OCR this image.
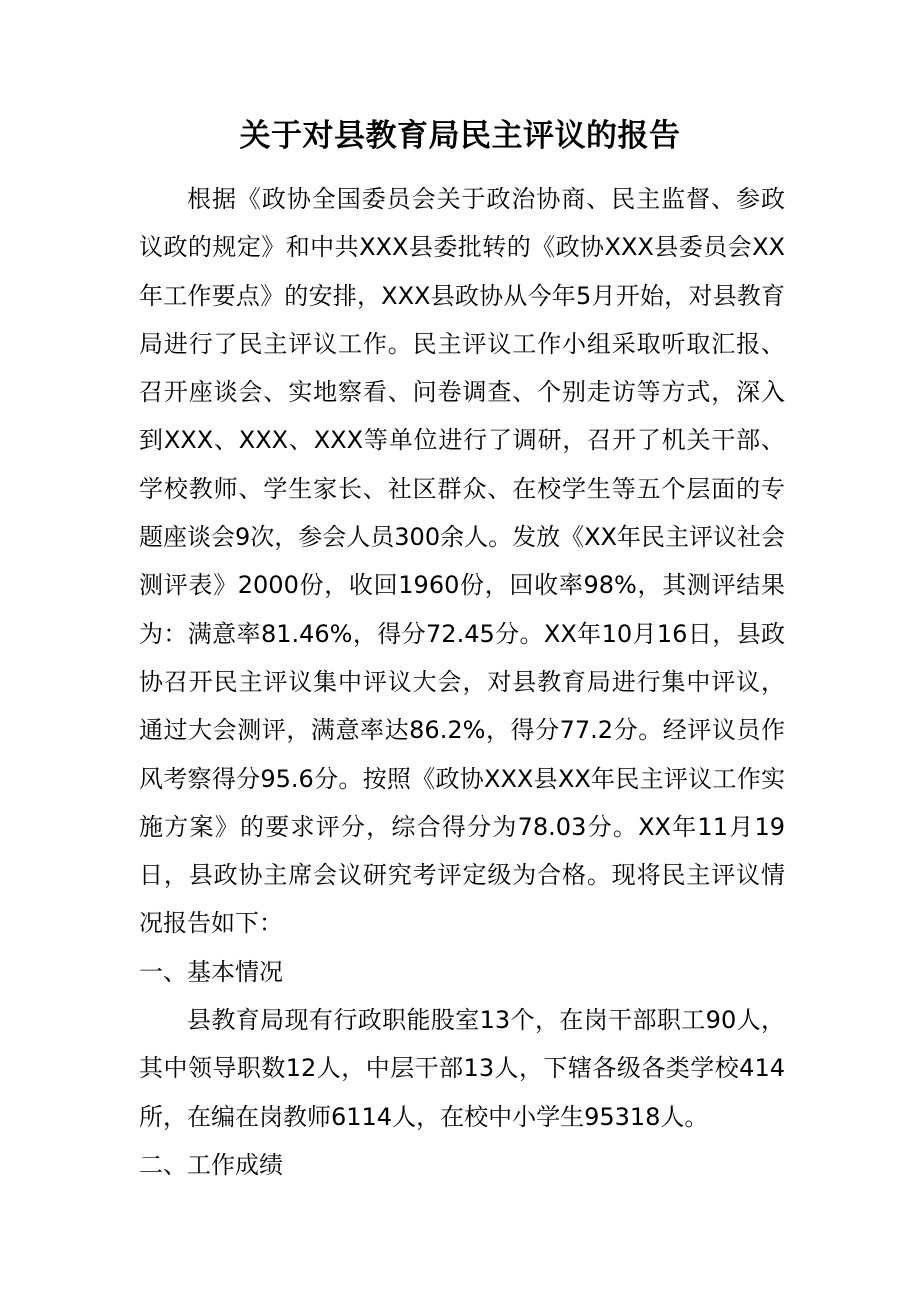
关于对县教育局民主评议的报告

根据《政协全国委员会关于政治协商、民主监督、参政议政的规定》和中共XXX县委批转的《政协XXX县委员会XX年工作要点》的安排，XXX县政协从今年5月开始，对县教育局进行了民主评议工作。民主评议工作小组采取听取汇报、召开座谈会、实地察看、问卷调查、个别走访等方式，深入到XXX、XXX、XXX等单位进行了调研，召开了机关干部、学校教师、学生家长、社区群众、在校学生等五个层面的专题座谈会9次，参会人员300余人。发放《XX年民主评议社会测评表》2000份，收回1960份，回收率98%，其测评结果为：满意率81.46%，得分72.45分。XX年10月16日，县政协召开民主评议集中评议大会，对县教育局进行集中评议，通过大会测评，满意率达86.2%，得分77.2分。经评议员作风考察得分95.6分。按照《政协XXX县XX年民主评议工作实施方案》的要求评分，综合得分为78.03分。XX年11月19日，县政协主席会议研究考评定级为合格。现将民主评议情况报告如下：

一、基本情况

县教育局现有行政职能股室13个，在岗干部职工90人，其中领导职数12人，中层干部13人，下辖各级各类学校414所，在编在岗教师6114人，在校中小学生95318人。

二、工作成绩
